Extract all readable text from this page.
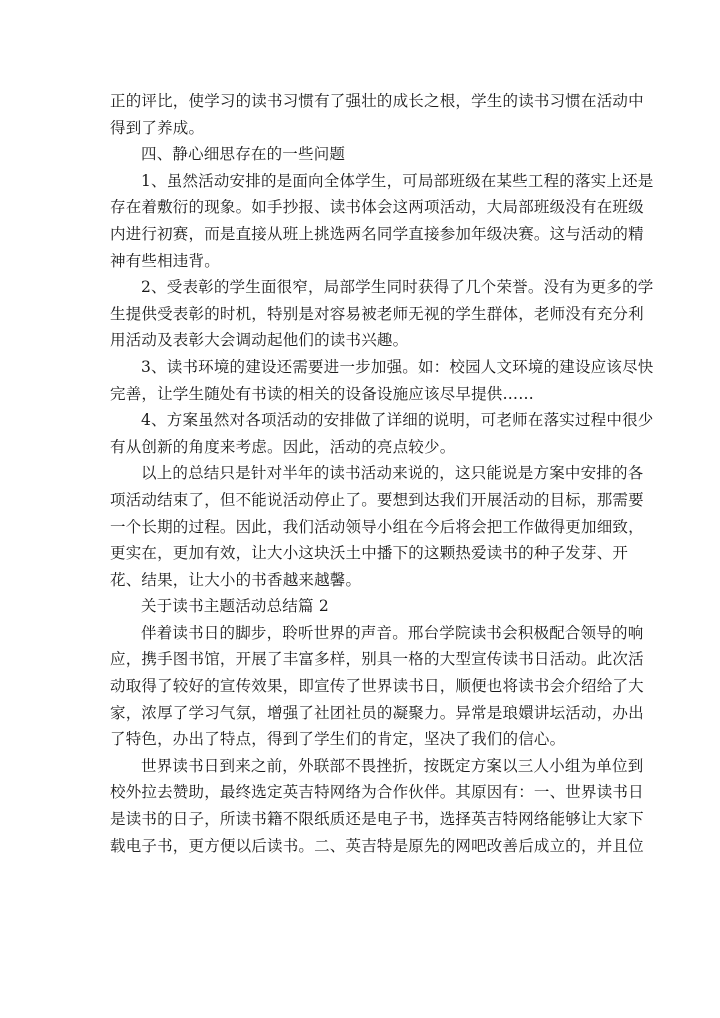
正的评比，使学习的读书习惯有了强壮的成长之根，学生的读书习惯在活动中
得到了养成。
四、静心细思存在的一些问题
1、虽然活动安排的是面向全体学生，可局部班级在某些工程的落实上还是
存在着敷衍的现象。如手抄报、读书体会这两项活动，大局部班级没有在班级
内进行初赛，而是直接从班上挑选两名同学直接参加年级决赛。这与活动的精
神有些相违背。
2、受表彰的学生面很窄，局部学生同时获得了几个荣誉。没有为更多的学
生提供受表彰的时机，特别是对容易被老师无视的学生群体，老师没有充分利
用活动及表彰大会调动起他们的读书兴趣。
3、读书环境的建设还需要进一步加强。如：校园人文环境的建设应该尽快
完善，让学生随处有书读的相关的设备设施应该尽早提供……
4、方案虽然对各项活动的安排做了详细的说明，可老师在落实过程中很少
有从创新的角度来考虑。因此，活动的亮点较少。
以上的总结只是针对半年的读书活动来说的，这只能说是方案中安排的各
项活动结束了，但不能说活动停止了。要想到达我们开展活动的目标，那需要
一个长期的过程。因此，我们活动领导小组在今后将会把工作做得更加细致，
更实在，更加有效，让大小这块沃土中播下的这颗热爱读书的种子发芽、开
花、结果，让大小的书香越来越馨。
关于读书主题活动总结篇 2
伴着读书日的脚步，聆听世界的声音。邢台学院读书会积极配合领导的响
应，携手图书馆，开展了丰富多样，别具一格的大型宣传读书日活动。此次活
动取得了较好的宣传效果，即宣传了世界读书日，顺便也将读书会介绍给了大
家，浓厚了学习气氛，增强了社团社员的凝聚力。异常是琅嬛讲坛活动，办出
了特色，办出了特点，得到了学生们的肯定，坚决了我们的信心。
世界读书日到来之前，外联部不畏挫折，按既定方案以三人小组为单位到
校外拉去赞助，最终选定英吉特网络为合作伙伴。其原因有：一、世界读书日
是读书的日子，所读书籍不限纸质还是电子书，选择英吉特网络能够让大家下
载电子书，更方便以后读书。二、英吉特是原先的网吧改善后成立的，并且位
